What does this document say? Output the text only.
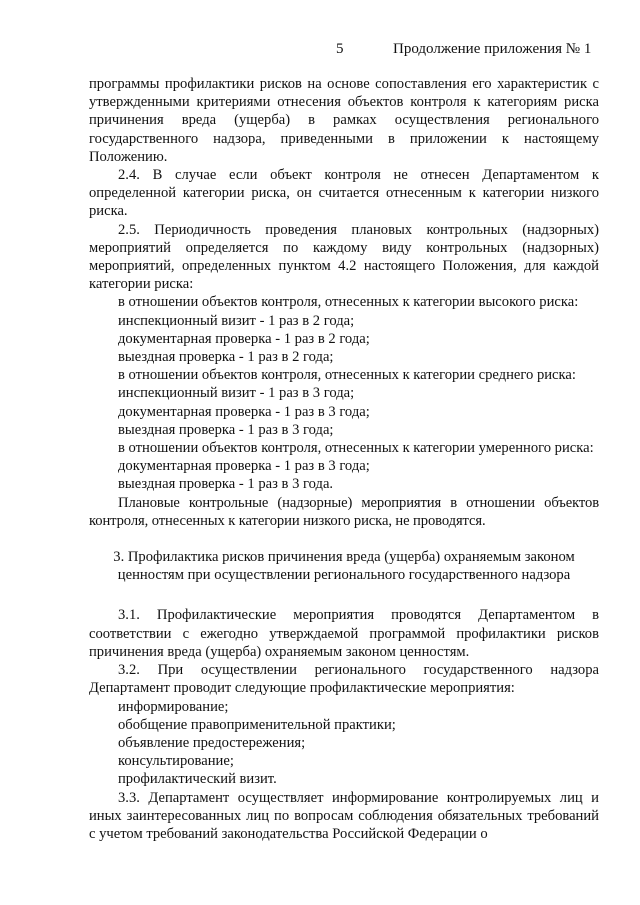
5	Продолжение приложения № 1

программы профилактики рисков на основе сопоставления его характеристик с утвержденными критериями отнесения объектов контроля к категориям риска причинения вреда (ущерба) в рамках осуществления регионального государственного надзора, приведенными в приложении к настоящему Положению.

2.4. В случае если объект контроля не отнесен Департаментом к определенной категории риска, он считается отнесенным к категории низкого риска.

2.5. Периодичность проведения плановых контрольных (надзорных) мероприятий определяется по каждому виду контрольных (надзорных) мероприятий, определенных пунктом 4.2 настоящего Положения, для каждой категории риска:

в отношении объектов контроля, отнесенных к категории высокого риска:

инспекционный визит - 1 раз в 2 года;

документарная проверка - 1 раз в 2 года;

выездная проверка - 1 раз в 2 года;

в отношении объектов контроля, отнесенных к категории среднего риска:

инспекционный визит - 1 раз в 3 года;

документарная проверка - 1 раз в 3 года;

выездная проверка - 1 раз в 3 года;

в отношении объектов контроля, отнесенных к категории умеренного риска:

документарная проверка - 1 раз в 3 года;

выездная проверка - 1 раз в 3 года.

Плановые контрольные (надзорные) мероприятия в отношении объектов контроля, отнесенных к категории низкого риска, не проводятся.

3. Профилактика рисков причинения вреда (ущерба) охраняемым законом ценностям при осуществлении регионального государственного надзора

3.1. Профилактические мероприятия проводятся Департаментом в соответствии с ежегодно утверждаемой программой профилактики рисков причинения вреда (ущерба) охраняемым законом ценностям.

3.2. При осуществлении регионального государственного надзора Департамент проводит следующие профилактические мероприятия:

информирование;

обобщение правоприменительной практики;

объявление предостережения;

консультирование;

профилактический визит.

3.3. Департамент осуществляет информирование контролируемых лиц и иных заинтересованных лиц по вопросам соблюдения обязательных требований с учетом требований законодательства Российской Федерации о
